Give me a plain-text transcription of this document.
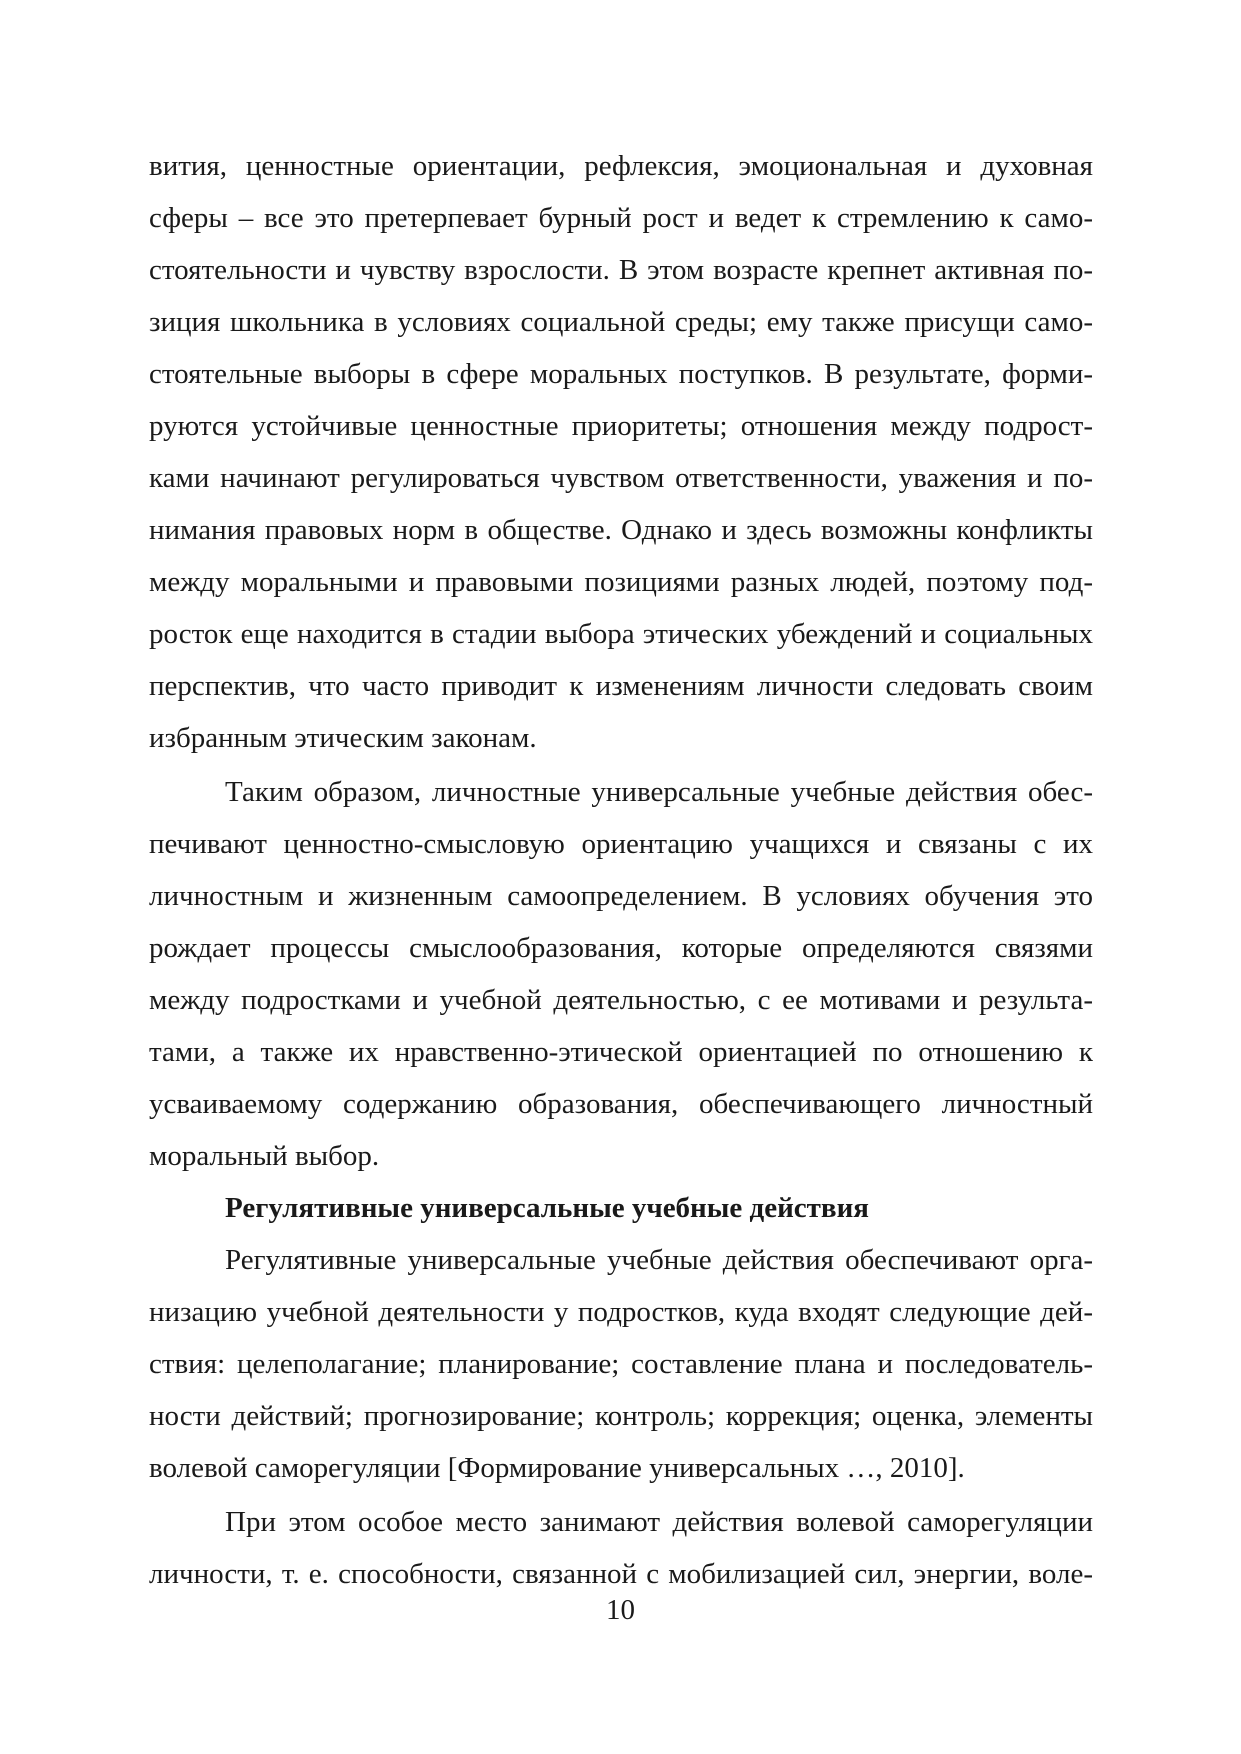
вития, ценностные ориентации, рефлексия, эмоциональная и духовная
сферы – все это претерпевает бурный рост и ведет к стремлению к само-
стоятельности и чувству взрослости. В этом возрасте крепнет активная по-
зиция школьника в условиях социальной среды; ему также присущи само-
стоятельные выборы в сфере моральных поступков. В результате, форми-
руются устойчивые ценностные приоритеты; отношения между подрост-
ками начинают регулироваться чувством ответственности, уважения и по-
нимания правовых норм в обществе. Однако и здесь возможны конфликты
между моральными и правовыми позициями разных людей, поэтому под-
росток еще находится в стадии выбора этических убеждений и социальных
перспектив, что часто приводит к изменениям личности следовать своим
избранным этическим законам.
Таким образом, личностные универсальные учебные действия обес-
печивают ценностно-смысловую ориентацию учащихся и связаны с их
личностным и жизненным самоопределением. В условиях обучения это
рождает процессы смыслообразования, которые определяются связями
между подростками и учебной деятельностью, с ее мотивами и результа-
тами, а также их нравственно-этической ориентацией по отношению к
усваиваемому содержанию образования, обеспечивающего личностный
моральный выбор.
Регулятивные универсальные учебные действия
Регулятивные универсальные учебные действия обеспечивают орга-
низацию учебной деятельности у подростков, куда входят следующие дей-
ствия: целеполагание; планирование; составление плана и последователь-
ности действий; прогнозирование; контроль; коррекция; оценка, элементы
волевой саморегуляции [Формирование универсальных …, 2010].
При этом особое место занимают действия волевой саморегуляции
личности, т. е. способности, связанной с мобилизацией сил, энергии, воле-
10
